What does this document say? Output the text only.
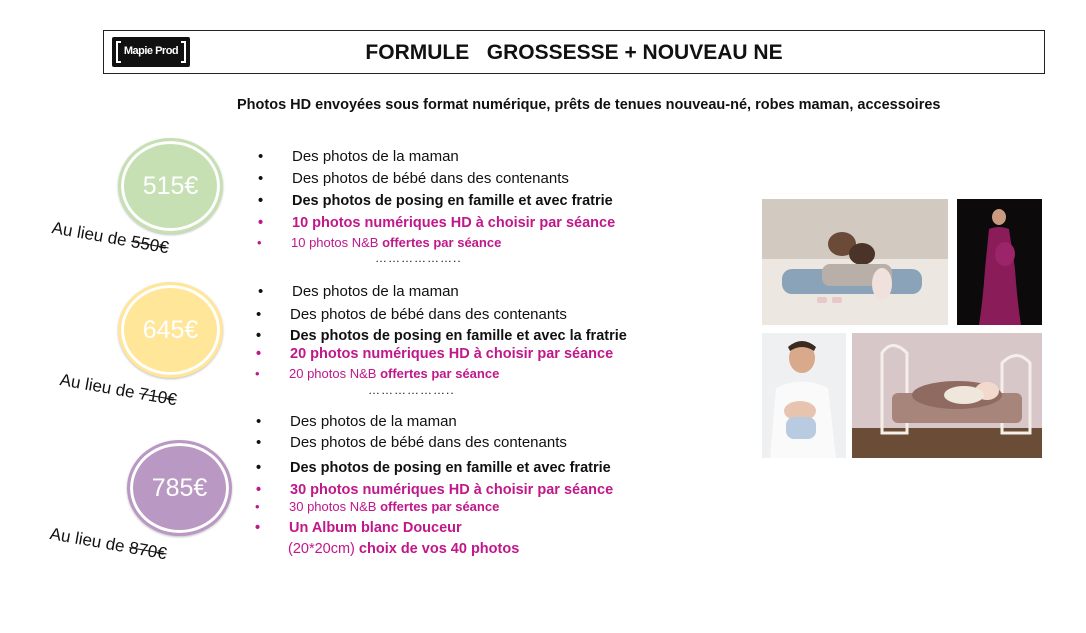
Mapie Prod	FORMULE   GROSSESSE + NOUVEAU NE
Photos HD envoyées sous format numérique, prêts de tenues nouveau-né, robes maman, accessoires
515€
Au lieu de 550€
• Des photos de la maman
• Des photos de bébé dans des contenants
• Des photos de posing en famille et avec fratrie
• 10 photos numériques HD à choisir par séance
• 10 photos N&B offertes par séance
………………..
645€
Au lieu de 710€
• Des photos de la maman
• Des photos de bébé dans des contenants
• Des photos de posing en famille et avec la fratrie
• 20 photos numériques HD à choisir par séance
• 20 photos N&B offertes par séance
………………..
785€
Au lieu de 870€
• Des photos de la maman
• Des photos de bébé dans des contenants
• Des photos de posing en famille et avec fratrie
• 30 photos numériques HD à choisir par séance
• 30 photos N&B offertes par séance
• Un Album blanc Douceur
(20*20cm) choix de vos 40 photos
